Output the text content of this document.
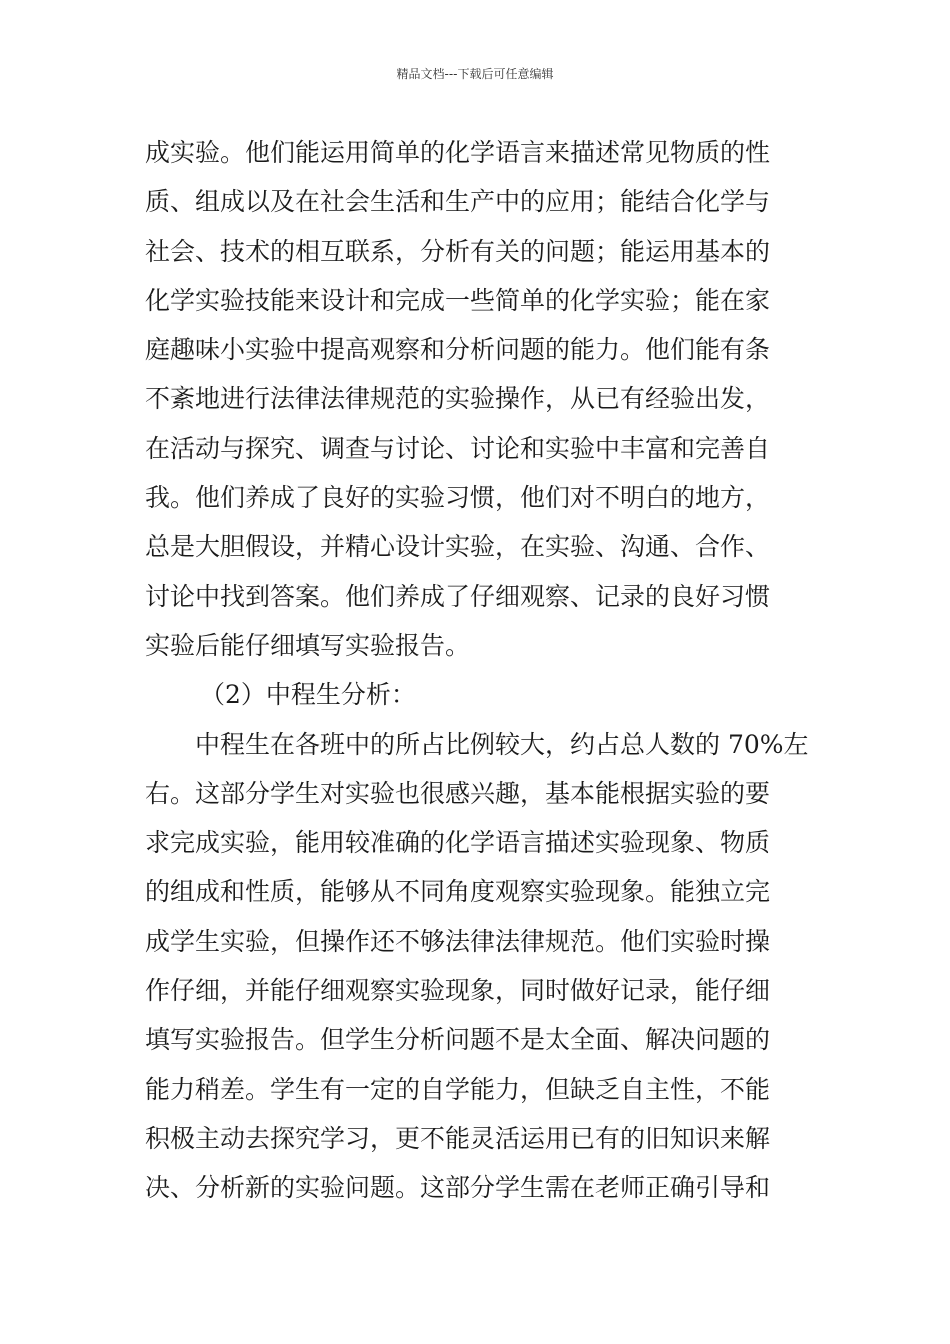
精品文档---下载后可任意编辑
成实验。他们能运用简单的化学语言来描述常见物质的性
质、组成以及在社会生活和生产中的应用；能结合化学与
社会、技术的相互联系，分析有关的问题；能运用基本的
化学实验技能来设计和完成一些简单的化学实验；能在家
庭趣味小实验中提高观察和分析问题的能力。他们能有条
不紊地进行法律法律规范的实验操作，从已有经验出发，
在活动与探究、调查与讨论、讨论和实验中丰富和完善自
我。他们养成了良好的实验习惯，他们对不明白的地方，
总是大胆假设，并精心设计实验，在实验、沟通、合作、
讨论中找到答案。他们养成了仔细观察、记录的良好习惯
实验后能仔细填写实验报告。
（2）中程生分析：
中程生在各班中的所占比例较大，约占总人数的 70%左
右。这部分学生对实验也很感兴趣，基本能根据实验的要
求完成实验，能用较准确的化学语言描述实验现象、物质
的组成和性质，能够从不同角度观察实验现象。能独立完
成学生实验，但操作还不够法律法律规范。他们实验时操
作仔细，并能仔细观察实验现象，同时做好记录，能仔细
填写实验报告。但学生分析问题不是太全面、解决问题的
能力稍差。学生有一定的自学能力，但缺乏自主性，不能
积极主动去探究学习，更不能灵活运用已有的旧知识来解
决、分析新的实验问题。这部分学生需在老师正确引导和
